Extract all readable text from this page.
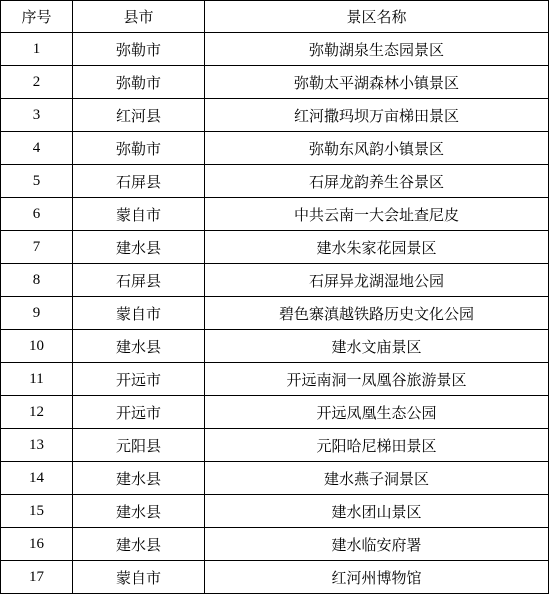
序号	县市	景区名称
1	弥勒市	弥勒湖泉生态园景区
2	弥勒市	弥勒太平湖森林小镇景区
3	红河县	红河撒玛坝万亩梯田景区
4	弥勒市	弥勒东风韵小镇景区
5	石屏县	石屏龙韵养生谷景区
6	蒙自市	中共云南一大会址查尼皮
7	建水县	建水朱家花园景区
8	石屏县	石屏异龙湖湿地公园
9	蒙自市	碧色寨滇越铁路历史文化公园
10	建水县	建水文庙景区
11	开远市	开远南洞一凤凰谷旅游景区
12	开远市	开远凤凰生态公园
13	元阳县	元阳哈尼梯田景区
14	建水县	建水燕子洞景区
15	建水县	建水团山景区
16	建水县	建水临安府署
17	蒙自市	红河州博物馆
